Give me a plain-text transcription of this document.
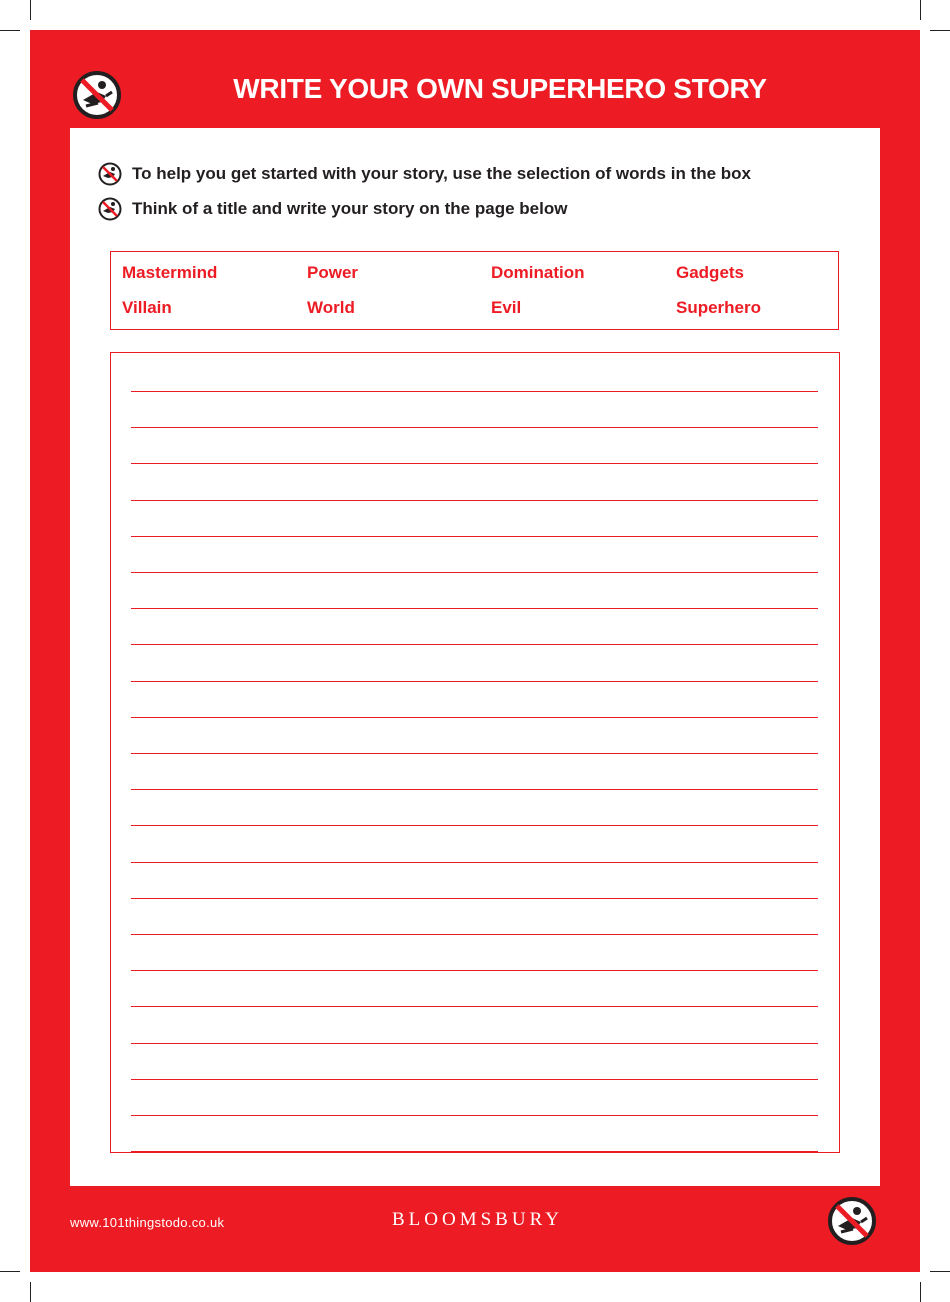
WRITE YOUR OWN SUPERHERO STORY
To help you get started with your story, use the selection of words in the box
Think of a title and write your story on the page below
Mastermind	Power	Domination	Gadgets
Villain	World	Evil	Superhero
www.101thingstodo.co.uk	BLOOMSBURY
